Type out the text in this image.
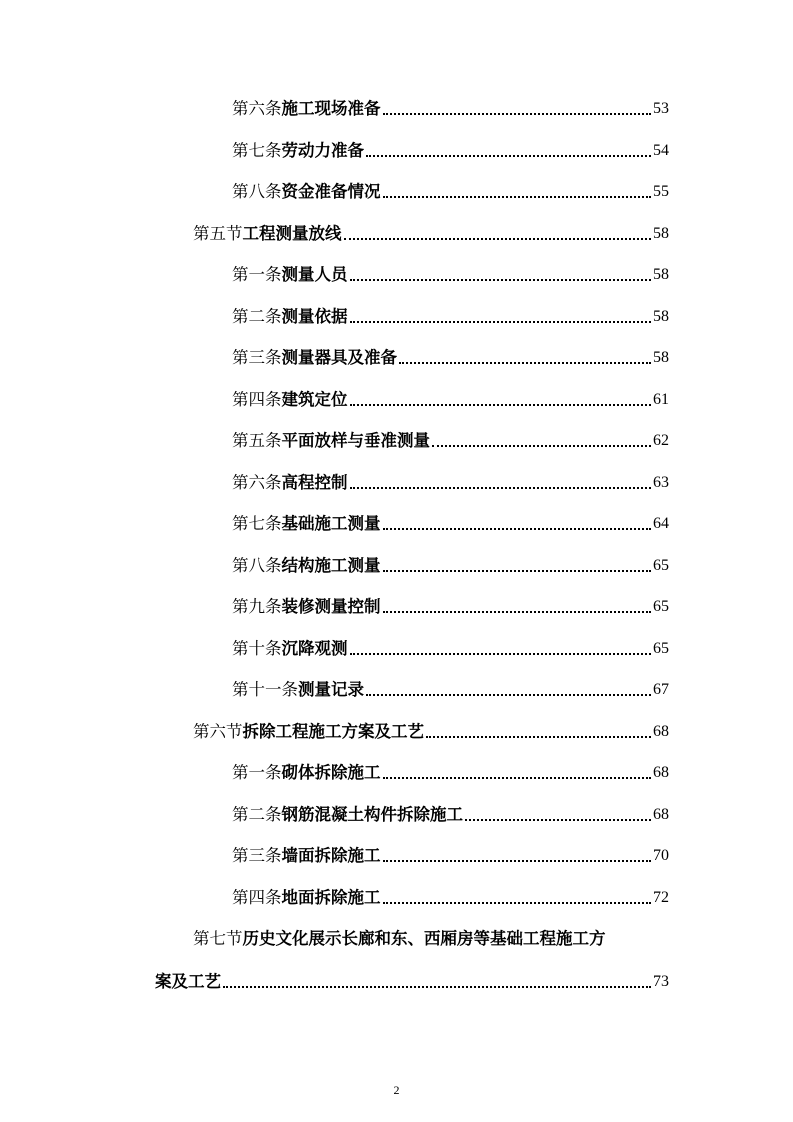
第六条 施工现场准备	53
第七条 劳动力准备	54
第八条 资金准备情况	55
第五节 工程测量放线	58
第一条 测量人员	58
第二条 测量依据	58
第三条 测量器具及准备	58
第四条 建筑定位	61
第五条 平面放样与垂准测量	62
第六条 高程控制	63
第七条 基础施工测量	64
第八条 结构施工测量	65
第九条 装修测量控制	65
第十条 沉降观测	65
第十一条 测量记录	67
第六节 拆除工程施工方案及工艺	68
第一条 砌体拆除施工	68
第二条 钢筋混凝土构件拆除施工	68
第三条 墙面拆除施工	70
第四条 地面拆除施工	72
第七节历史文化展示长廊和东、西厢房等基础工程施工方
案及工艺	73
2
